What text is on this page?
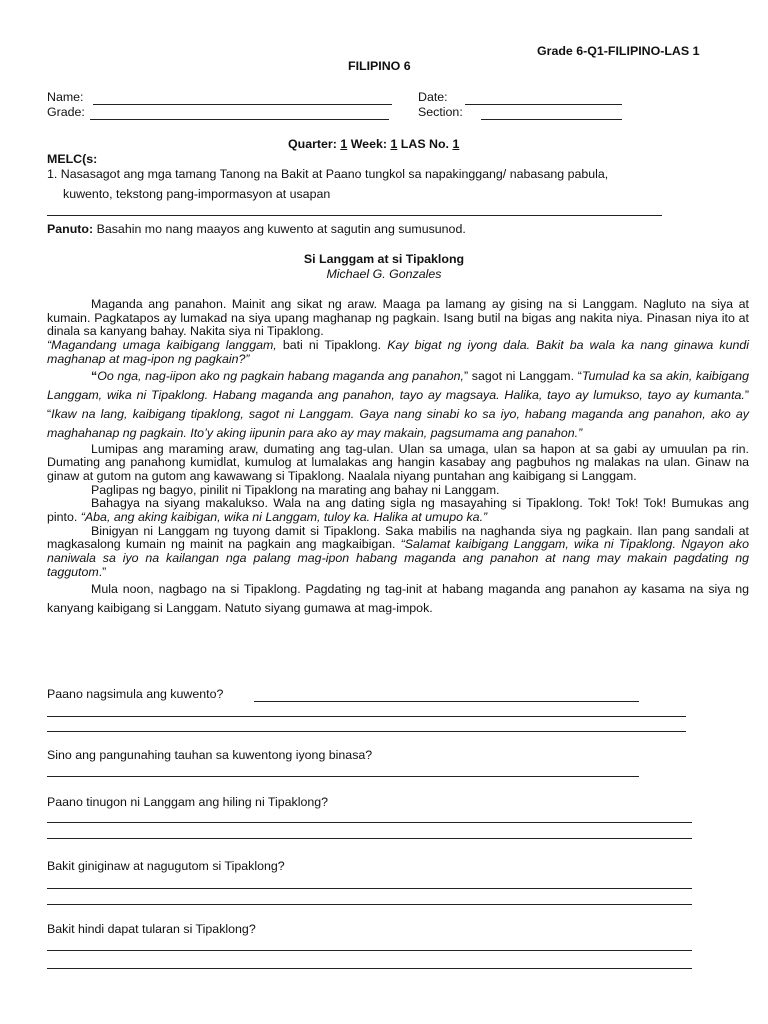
Grade 6-Q1-FILIPINO-LAS 1
FILIPINO 6
Name:
Grade:
Date:
Section:
Quarter: 1 Week: 1 LAS No. 1
MELC(s:
1. Nasasagot ang mga tamang Tanong na Bakit at Paano tungkol sa napakinggang/ nabasang pabula,
kuwento, tekstong pang-impormasyon at usapan
Panuto: Basahin mo nang maayos ang kuwento at sagutin ang sumusunod.
Si Langgam at si Tipaklong
Michael G. Gonzales

Maganda ang panahon. Mainit ang sikat ng araw. Maaga pa lamang ay gising na si Langgam. Nagluto na siya at kumain. Pagkatapos ay lumakad na siya upang maghanap ng pagkain. Isang butil na bigas ang nakita niya. Pinasan niya ito at dinala sa kanyang bahay. Nakita siya ni Tipaklong.

“Magandang umaga kaibigang langgam, bati ni Tipaklong. Kay bigat ng iyong dala. Bakit ba wala ka nang ginawa kundi maghanap at mag-ipon ng pagkain?”

“Oo nga, nag-iipon ako ng pagkain habang maganda ang panahon,” sagot ni Langgam. “Tumulad ka sa akin, kaibigang Langgam, wika ni Tipaklong. Habang maganda ang panahon, tayo ay magsaya. Halika, tayo ay lumukso, tayo ay kumanta.” “Ikaw na lang, kaibigang tipaklong, sagot ni Langgam. Gaya nang sinabi ko sa iyo, habang maganda ang panahon, ako ay maghahanap ng pagkain. Ito’y aking iipunin para ako ay may makain, pagsumama ang panahon.”

Lumipas ang maraming araw, dumating ang tag-ulan. Ulan sa umaga, ulan sa hapon at sa gabi ay umuulan pa rin. Dumating ang panahong kumidlat, kumulog at lumalakas ang hangin kasabay ang pagbuhos ng malakas na ulan. Ginaw na ginaw at gutom na gutom ang kawawang si Tipaklong. Naalala niyang puntahan ang kaibigang si Langgam.

Paglipas ng bagyo, pinilit ni Tipaklong na marating ang bahay ni Langgam.

Bahagya na siyang makalukso. Wala na ang dating sigla ng masayahing si Tipaklong. Tok! Tok! Tok! Bumukas ang pinto. “Aba, ang aking kaibigan, wika ni Langgam, tuloy ka. Halika at umupo ka.”

Binigyan ni Langgam ng tuyong damit si Tipaklong. Saka mabilis na naghanda siya ng pagkain. Ilan pang sandali at magkasalong kumain ng mainit na pagkain ang magkaibigan. “Salamat kaibigang Langgam, wika ni Tipaklong. Ngayon ako naniwala sa iyo na kailangan nga palang mag-ipon habang maganda ang panahon at nang may makain pagdating ng taggutom.”

Mula noon, nagbago na si Tipaklong. Pagdating ng tag-init at habang maganda ang panahon ay kasama na siya ng kanyang kaibigang si Langgam. Natuto siyang gumawa at mag-impok.

Paano nagsimula ang kuwento?
Sino ang pangunahing tauhan sa kuwentong iyong binasa?
Paano tinugon ni Langgam ang hiling ni Tipaklong?
Bakit giniginaw at nagugutom si Tipaklong?
Bakit hindi dapat tularan si Tipaklong?
